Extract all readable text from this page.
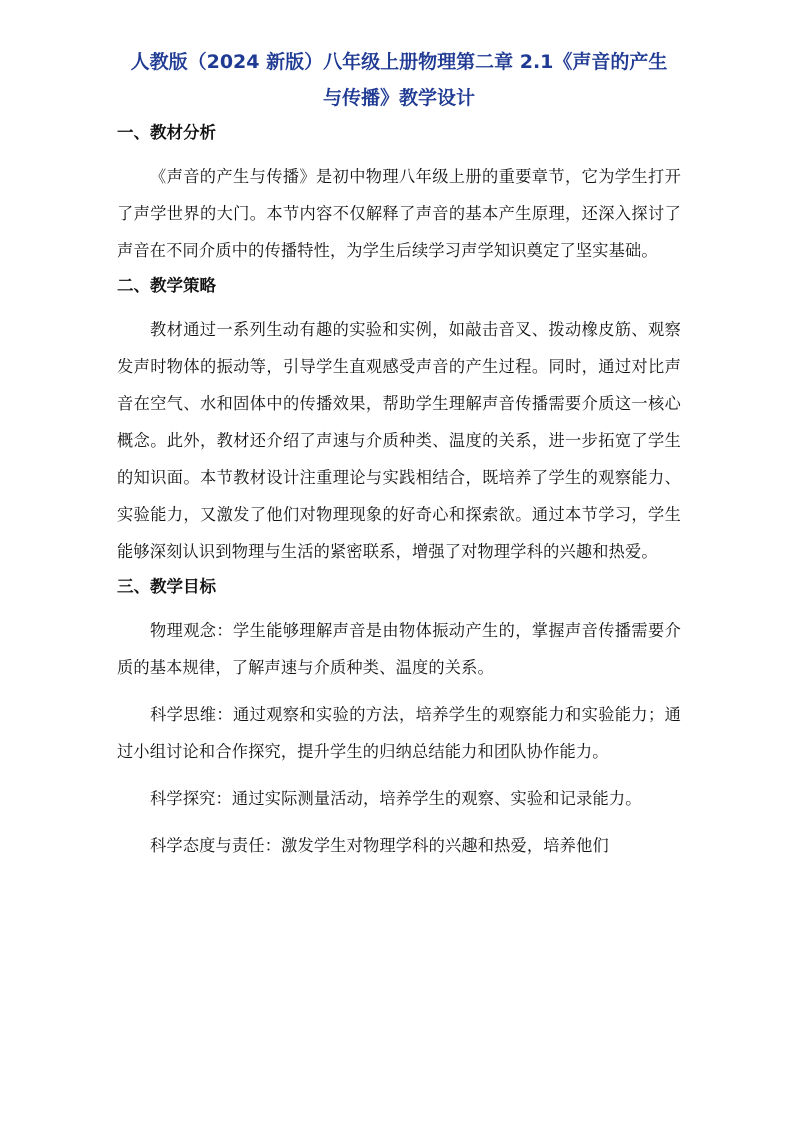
人教版（2024 新版）八年级上册物理第二章 2.1《声音的产生与传播》教学设计
一、教材分析

《声音的产生与传播》是初中物理八年级上册的重要章节，它为学生打开了声学世界的大门。本节内容不仅解释了声音的基本产生原理，还深入探讨了声音在不同介质中的传播特性，为学生后续学习声学知识奠定了坚实基础。

二、教学策略

教材通过一系列生动有趣的实验和实例，如敲击音叉、拨动橡皮筋、观察发声时物体的振动等，引导学生直观感受声音的产生过程。同时，通过对比声音在空气、水和固体中的传播效果，帮助学生理解声音传播需要介质这一核心概念。此外，教材还介绍了声速与介质种类、温度的关系，进一步拓宽了学生的知识面。本节教材设计注重理论与实践相结合，既培养了学生的观察能力、实验能力，又激发了他们对物理现象的好奇心和探索欲。通过本节学习，学生能够深刻认识到物理与生活的紧密联系，增强了对物理学科的兴趣和热爱。

三、教学目标

物理观念：学生能够理解声音是由物体振动产生的，掌握声音传播需要介质的基本规律，了解声速与介质种类、温度的关系。

科学思维：通过观察和实验的方法，培养学生的观察能力和实验能力；通过小组讨论和合作探究，提升学生的归纳总结能力和团队协作能力。

科学探究：通过实际测量活动，培养学生的观察、实验和记录能力。

科学态度与责任：激发学生对物理学科的兴趣和热爱，培养他们
